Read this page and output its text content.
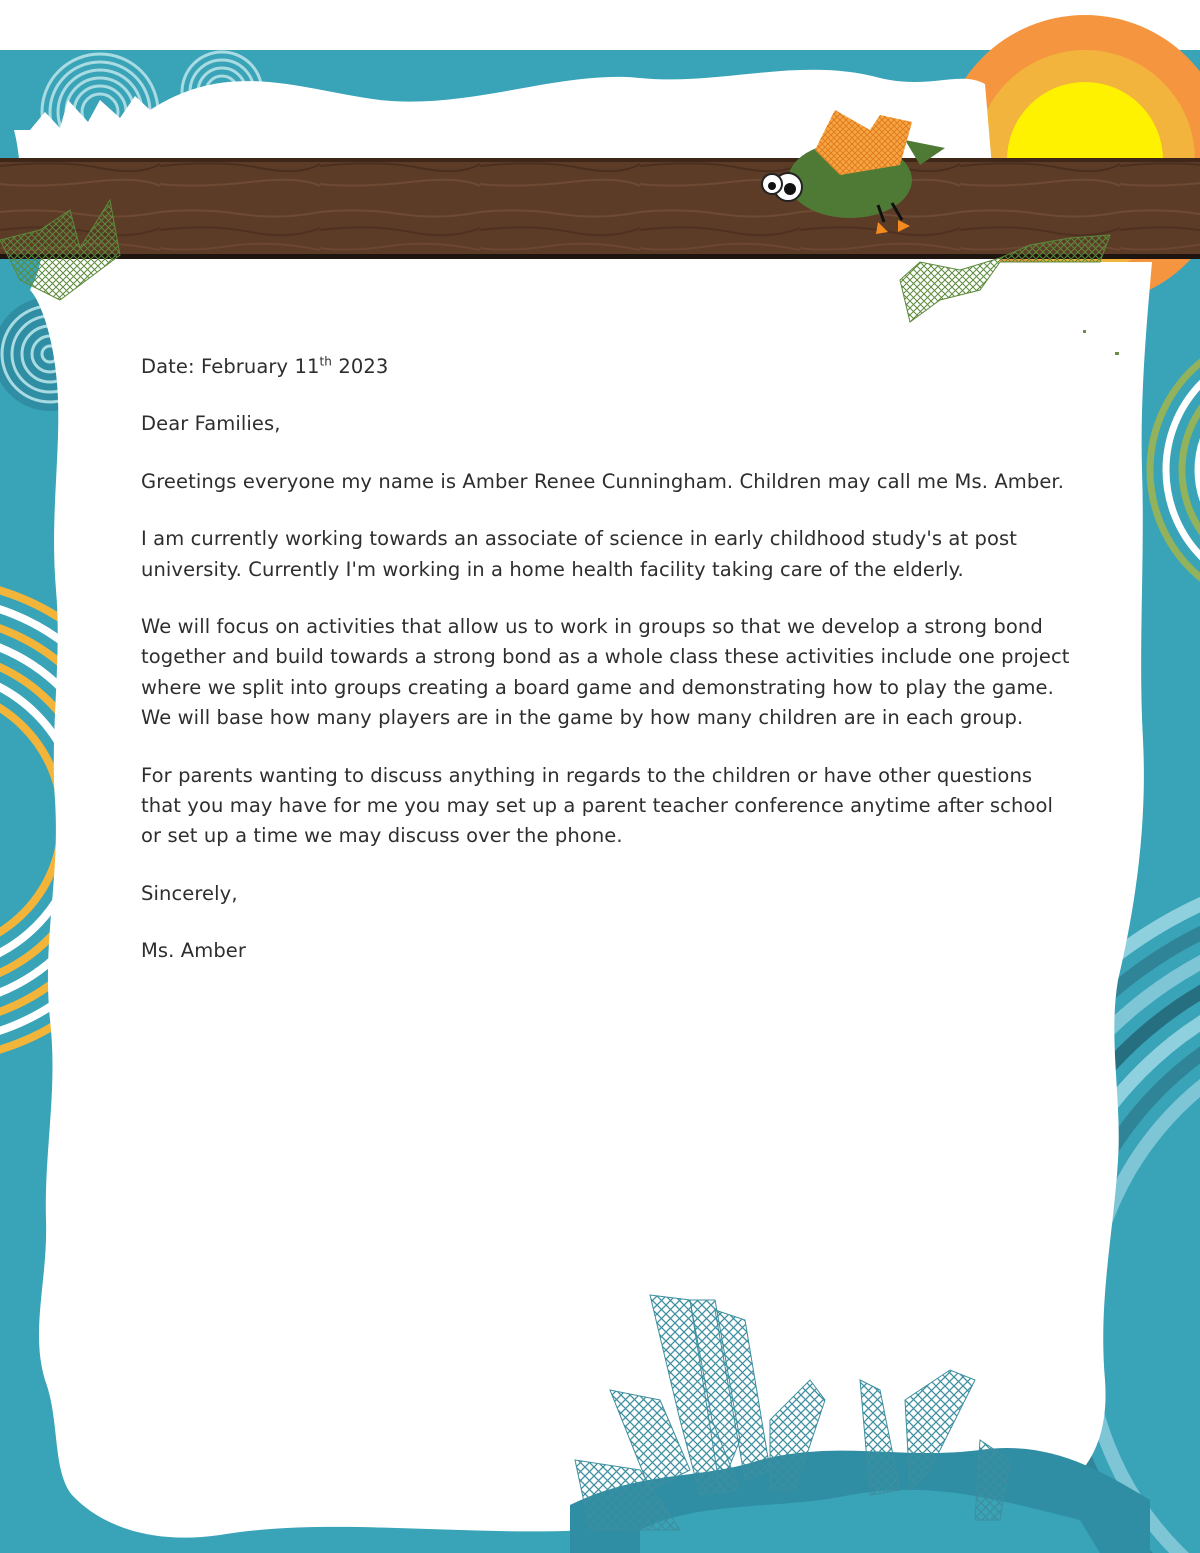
Date: February 11th 2023

Dear Families,

Greetings everyone my name is Amber Renee Cunningham. Children may call me Ms. Amber.

I am currently working towards an associate of science in early childhood study's at post university. Currently I'm working in a home health facility taking care of the elderly.

We will focus on activities that allow us to work in groups so that we develop a strong bond together and build towards a strong bond as a whole class these activities include one project where we split into groups creating a board game and demonstrating how to play the game. We will base how many players are in the game by how many children are in each group.

For parents wanting to discuss anything in regards to the children or have other questions that you may have for me you may set up a parent teacher conference anytime after school or set up a time we may discuss over the phone.

Sincerely,

Ms. Amber
